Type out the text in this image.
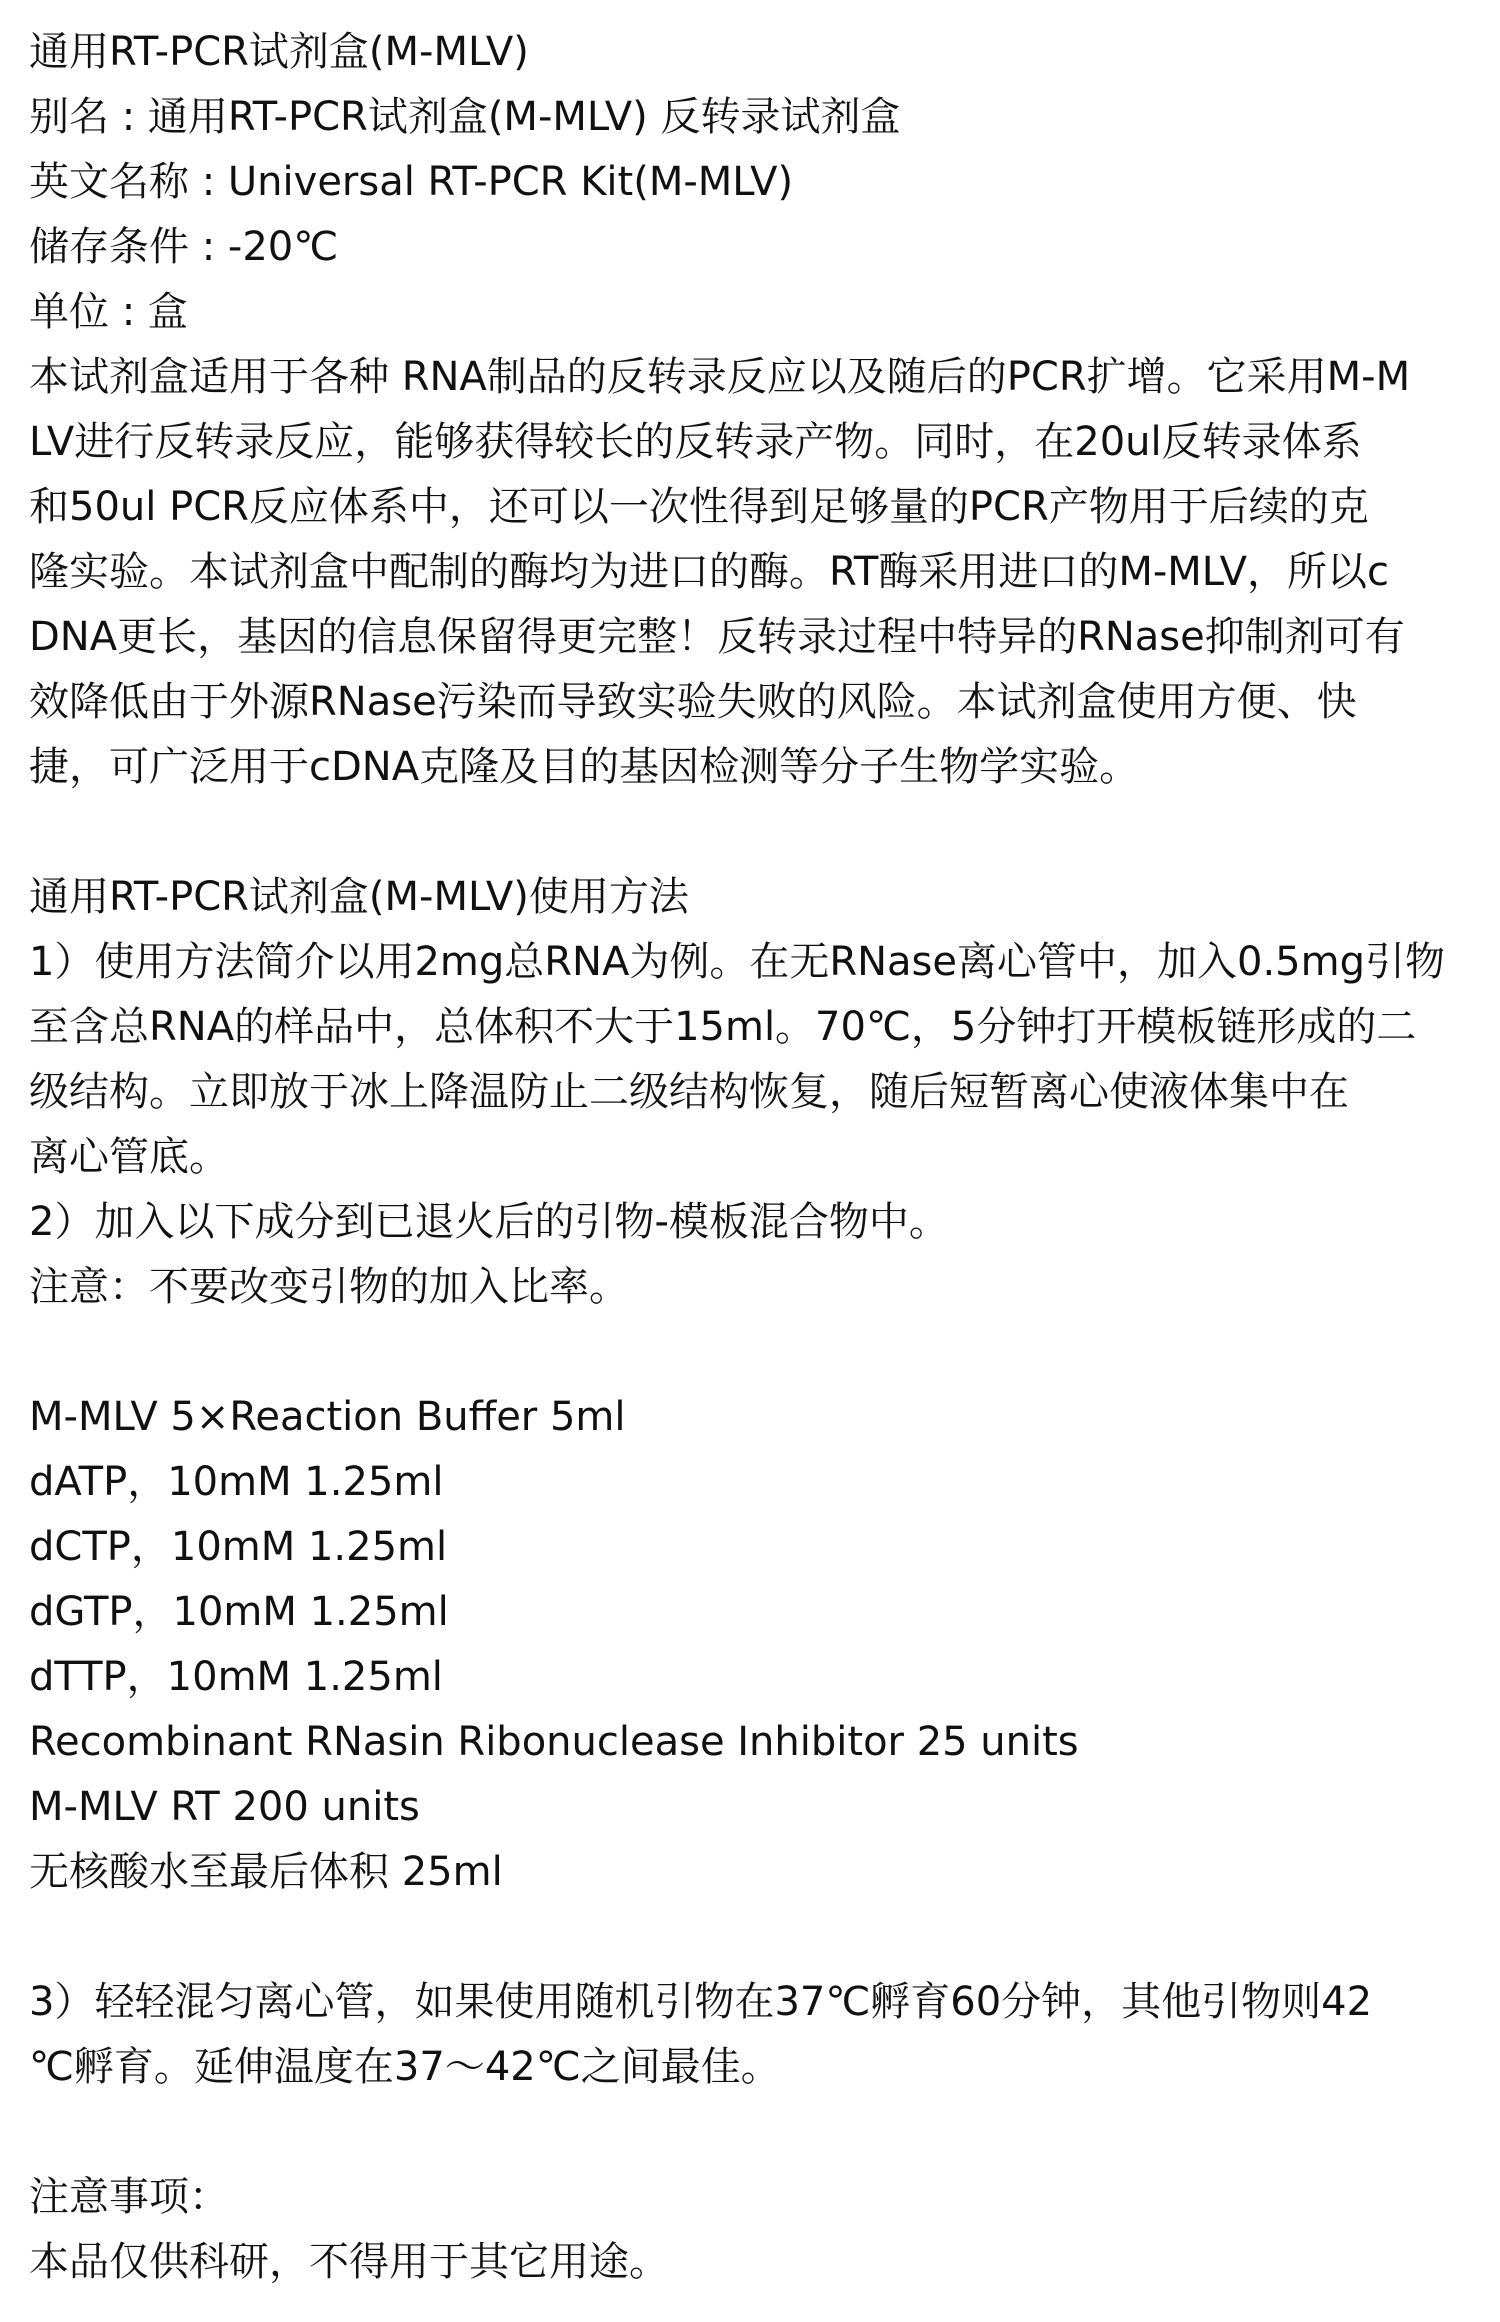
通用RT-PCR试剂盒(M-MLV)
别名 : 通用RT-PCR试剂盒(M-MLV) 反转录试剂盒
英文名称 : Universal RT-PCR Kit(M-MLV)
储存条件 : -20℃
单位 : 盒
本试剂盒适用于各种 RNA制品的反转录反应以及随后的PCR扩增。它采用M-M
LV进行反转录反应，能够获得较长的反转录产物。同时，在20ul反转录体系
和50ul PCR反应体系中，还可以一次性得到足够量的PCR产物用于后续的克
隆实验。本试剂盒中配制的酶均为进口的酶。RT酶采用进口的M-MLV，所以c
DNA更长，基因的信息保留得更完整！反转录过程中特异的RNase抑制剂可有
效降低由于外源RNase污染而导致实验失败的风险。本试剂盒使用方便、快
捷，可广泛用于cDNA克隆及目的基因检测等分子生物学实验。
通用RT-PCR试剂盒(M-MLV)使用方法
1）使用方法简介以用2mg总RNA为例。在无RNase离心管中，加入0.5mg引物
至含总RNA的样品中，总体积不大于15ml。70℃，5分钟打开模板链形成的二
级结构。立即放于冰上降温防止二级结构恢复，随后短暂离心使液体集中在
离心管底。
2）加入以下成分到已退火后的引物-模板混合物中。
注意：不要改变引物的加入比率。
M-MLV 5×Reaction Buffer 5ml
dATP，10mM 1.25ml
dCTP，10mM 1.25ml
dGTP，10mM 1.25ml
dTTP，10mM 1.25ml
Recombinant RNasin Ribonuclease Inhibitor 25 units
M-MLV RT 200 units
无核酸水至最后体积 25ml
3）轻轻混匀离心管，如果使用随机引物在37℃孵育60分钟，其他引物则42
℃孵育。延伸温度在37～42℃之间最佳。
注意事项：
本品仅供科研，不得用于其它用途。
